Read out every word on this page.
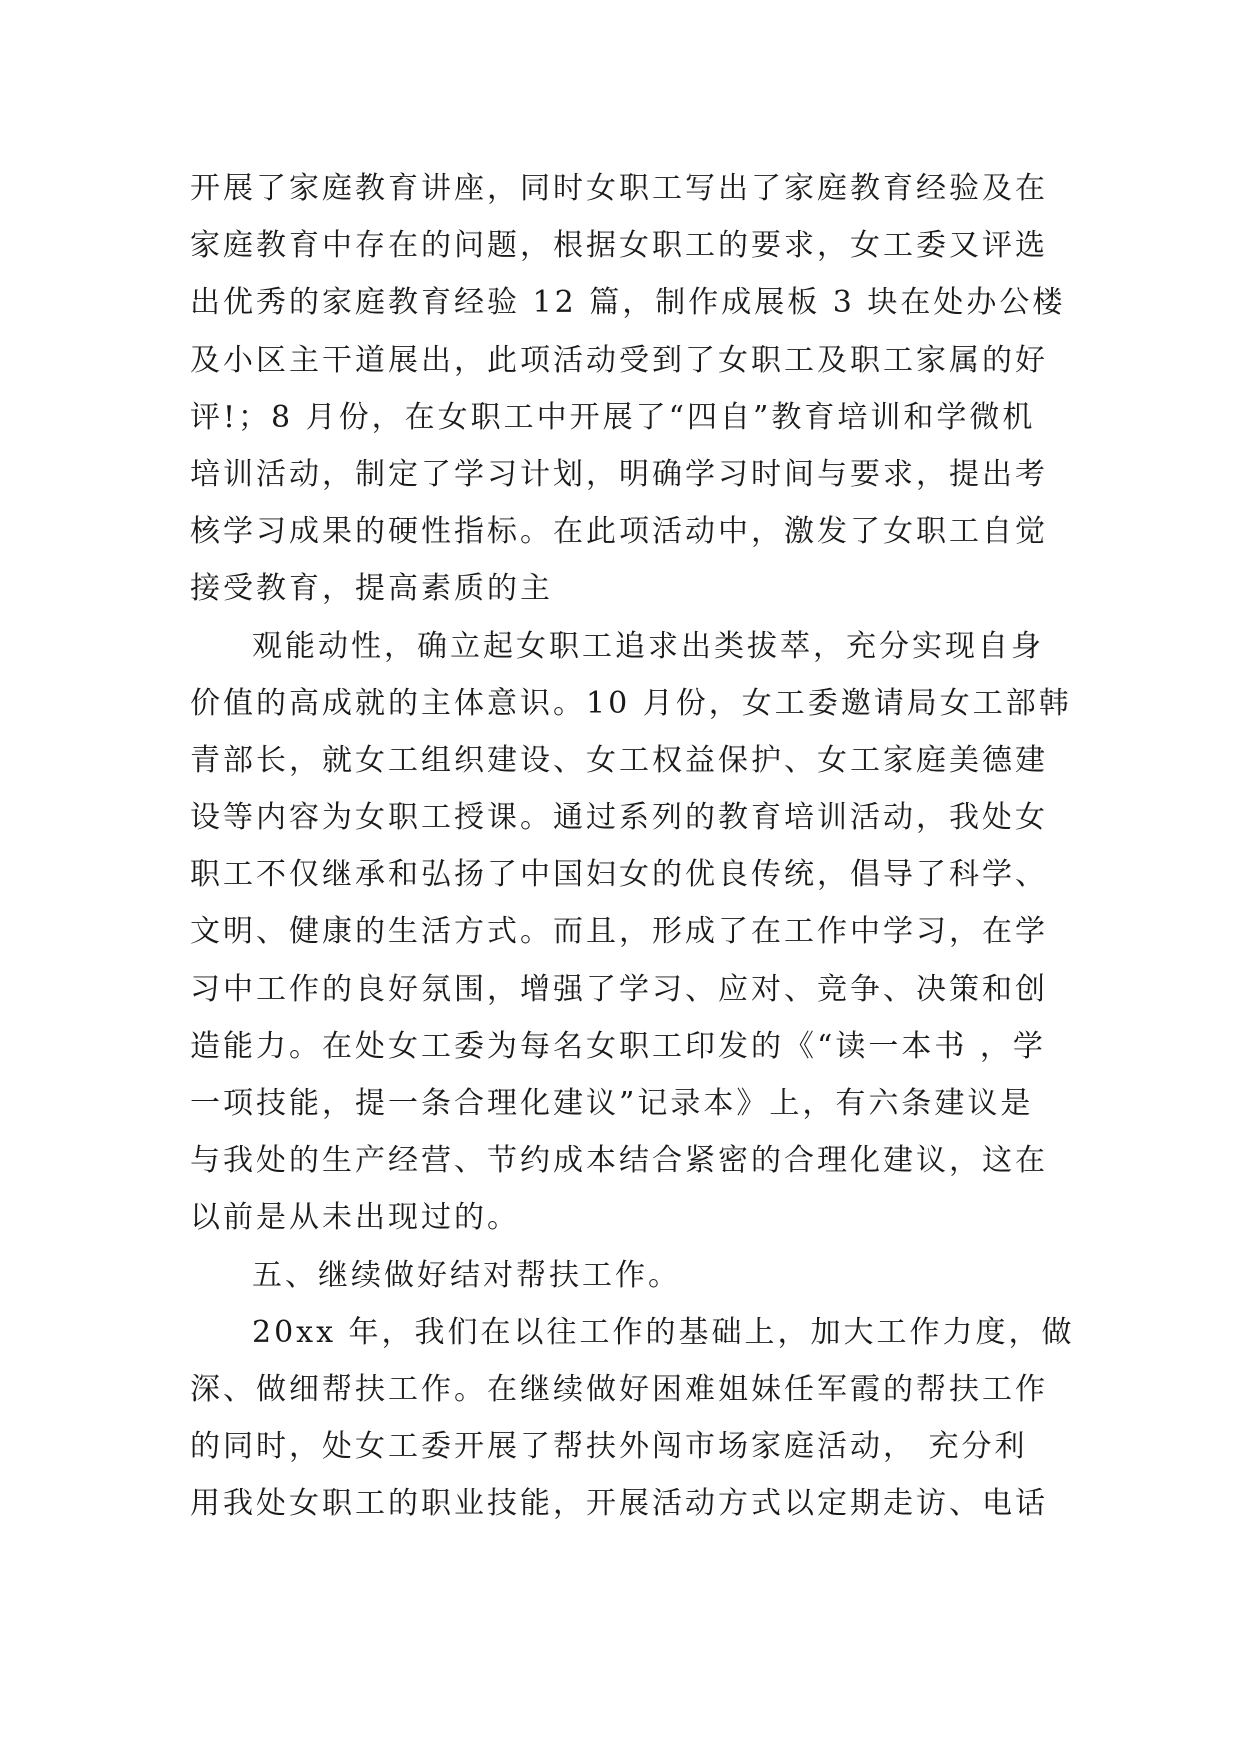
开展了家庭教育讲座，同时女职工写出了家庭教育经验及在
家庭教育中存在的问题，根据女职工的要求，女工委又评选
出优秀的家庭教育经验 12 篇，制作成展板 3 块在处办公楼
及小区主干道展出，此项活动受到了女职工及职工家属的好
评!；8 月份，在女职工中开展了“四自”教育培训和学微机
培训活动，制定了学习计划，明确学习时间与要求，提出考
核学习成果的硬性指标。在此项活动中，激发了女职工自觉
接受教育，提高素质的主
观能动性，确立起女职工追求出类拔萃，充分实现自身
价值的高成就的主体意识。10 月份，女工委邀请局女工部韩
青部长，就女工组织建设、女工权益保护、女工家庭美德建
设等内容为女职工授课。通过系列的教育培训活动，我处女
职工不仅继承和弘扬了中国妇女的优良传统，倡导了科学、
文明、健康的生活方式。而且，形成了在工作中学习，在学
习中工作的良好氛围，增强了学习、应对、竞争、决策和创
造能力。在处女工委为每名女职工印发的《“读一本书 ，学
一项技能，提一条合理化建议”记录本》上，有六条建议是
与我处的生产经营、节约成本结合紧密的合理化建议，这在
以前是从未出现过的。
五、继续做好结对帮扶工作。
20xx 年，我们在以往工作的基础上，加大工作力度，做
深、做细帮扶工作。在继续做好困难姐妹任军霞的帮扶工作
的同时，处女工委开展了帮扶外闯市场家庭活动， 充分利
用我处女职工的职业技能，开展活动方式以定期走访、电话
